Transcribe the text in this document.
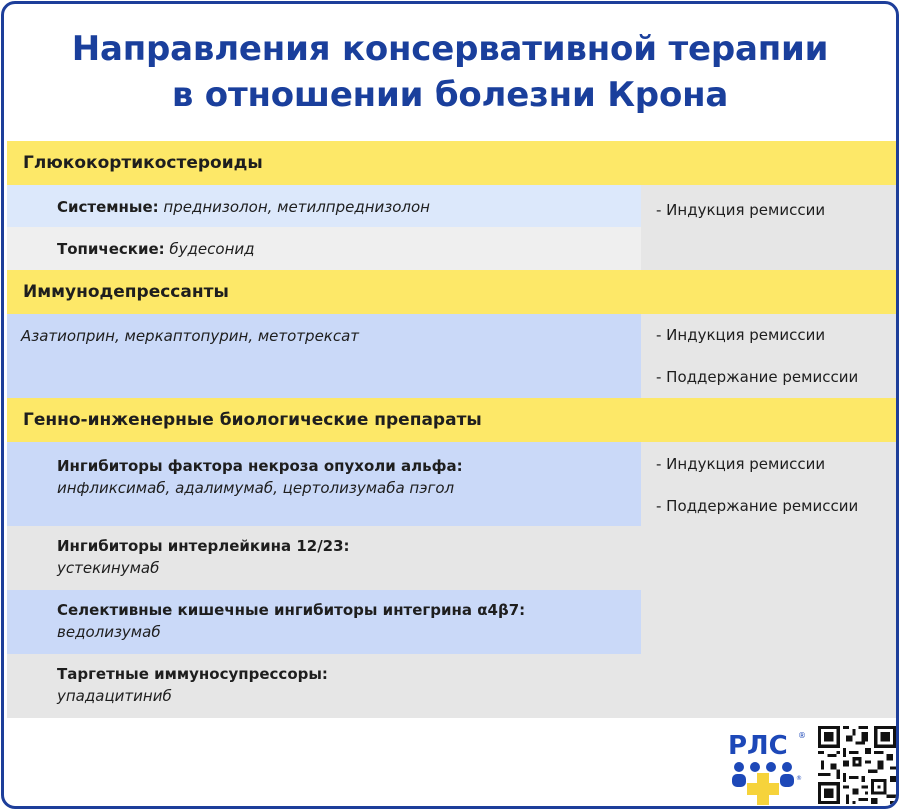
Направления консервативной терапии
в отношении болезни Крона
Глюкокортикостероиды
Системные: преднизолон, метилпреднизолон
Топические: будесонид
- Индукция ремиссии
Иммунодепрессанты
Азатиоприн, меркаптопурин, метотрексат	- Индукция ремиссии
- Поддержание ремиссии
Генно-инженерные биологические препараты
Ингибиторы фактора некроза опухоли альфа:
инфликсимаб, адалимумаб, цертолизумаба пэгол
Ингибиторы интерлейкина 12/23:
устекинумаб
Селективные кишечные ингибиторы интегрина α4β7:
ведолизумаб
Таргетные иммуносупрессоры:
упадацитиниб
- Индукция ремиссии
- Поддержание ремиссии
РЛС ®
®
